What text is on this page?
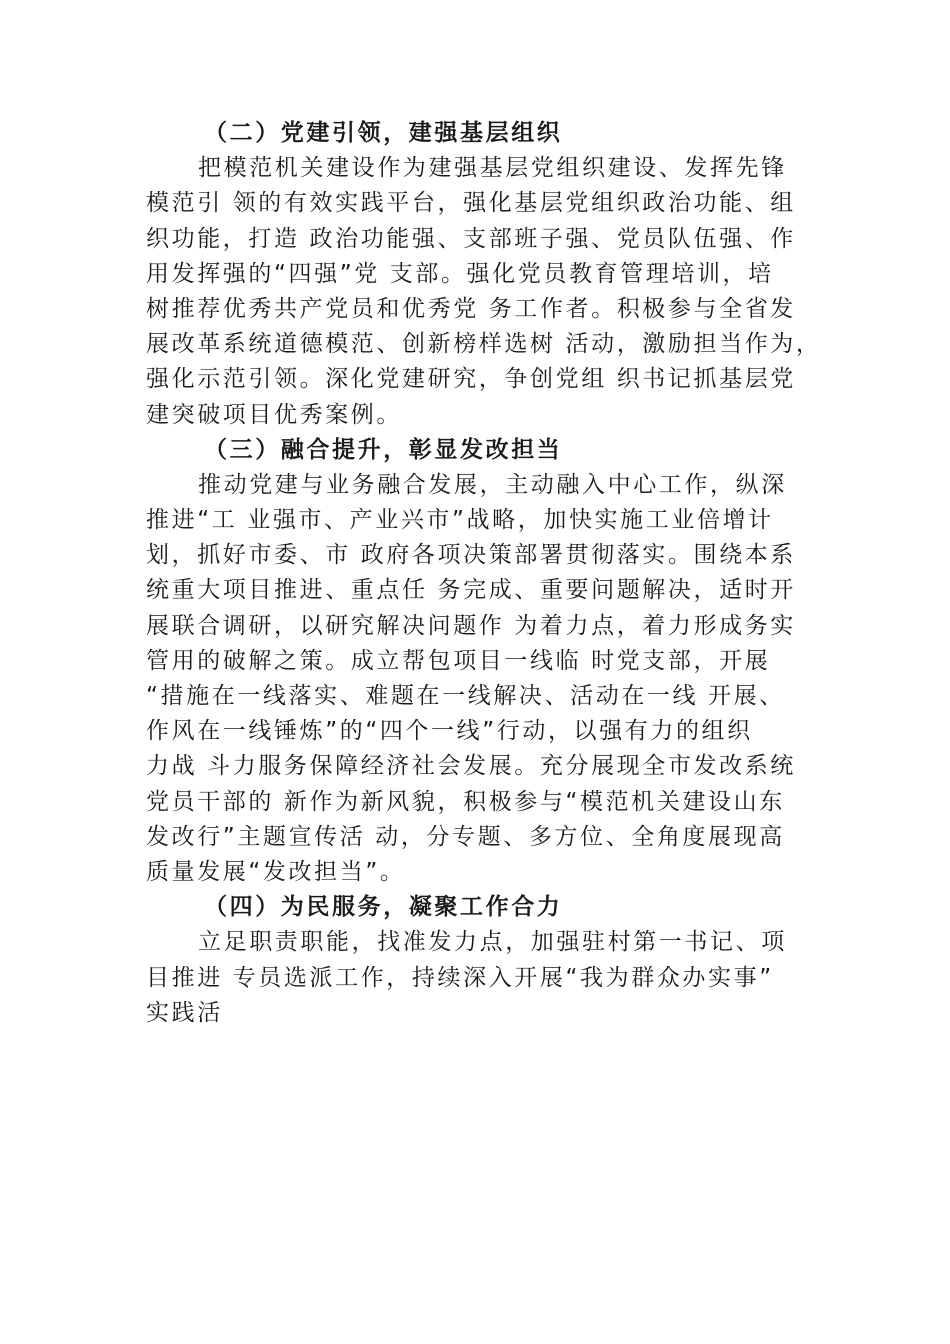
（二）党建引领，建强基层组织
把模范机关建设作为建强基层党组织建设、发挥先锋
模范引 领的有效实践平台，强化基层党组织政治功能、组
织功能，打造 政治功能强、支部班子强、党员队伍强、作
用发挥强的“四强”党 支部。强化党员教育管理培训，培
树推荐优秀共产党员和优秀党 务工作者。积极参与全省发
展改革系统道德模范、创新榜样选树 活动，激励担当作为，
强化示范引领。深化党建研究，争创党组 织书记抓基层党
建突破项目优秀案例。
（三）融合提升，彰显发改担当
推动党建与业务融合发展，主动融入中心工作，纵深
推进“工 业强市、产业兴市”战略，加快实施工业倍增计
划，抓好市委、市 政府各项决策部署贯彻落实。围绕本系
统重大项目推进、重点任 务完成、重要问题解决，适时开
展联合调研，以研究解决问题作 为着力点，着力形成务实
管用的破解之策。成立帮包项目一线临 时党支部，开展
“措施在一线落实、难题在一线解决、活动在一线 开展、
作风在一线锤炼”的“四个一线”行动，以强有力的组织
力战 斗力服务保障经济社会发展。充分展现全市发改系统
党员干部的 新作为新风貌，积极参与“模范机关建设山东
发改行”主题宣传活 动，分专题、多方位、全角度展现高
质量发展“发改担当”。
（四）为民服务，凝聚工作合力
立足职责职能，找准发力点，加强驻村第一书记、项
目推进 专员选派工作，持续深入开展“我为群众办实事”
实践活
